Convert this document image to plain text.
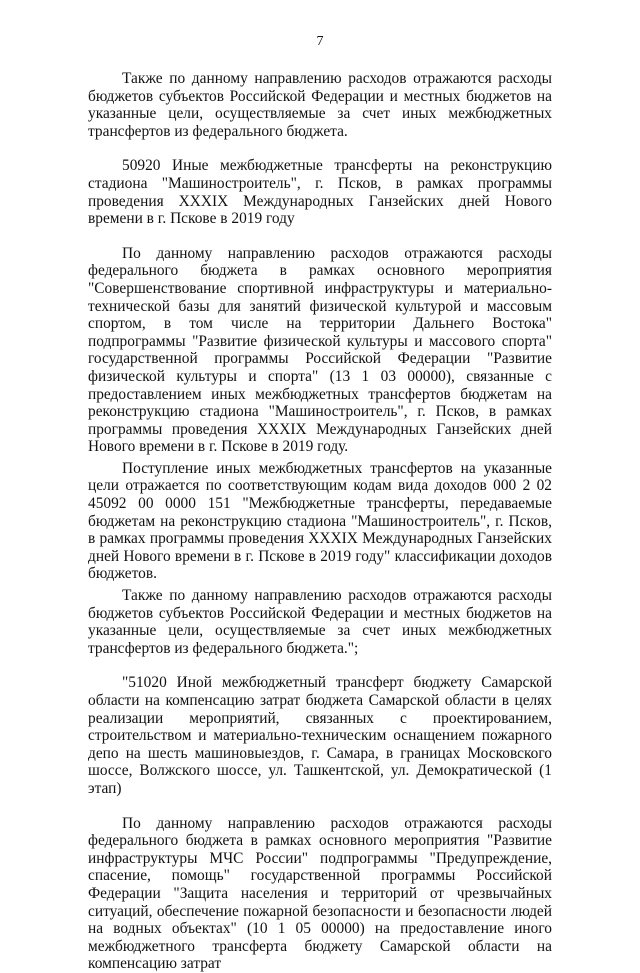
7

Также по данному направлению расходов отражаются расходы бюджетов субъектов Российской Федерации и местных бюджетов на указанные цели, осуществляемые за счет иных межбюджетных трансфертов из федерального бюджета.

50920 Иные межбюджетные трансферты на реконструкцию стадиона "Машиностроитель", г. Псков, в рамках программы проведения XXXIX Международных Ганзейских дней Нового времени в г. Пскове в 2019 году

По данному направлению расходов отражаются расходы федерального бюджета в рамках основного мероприятия "Совершенствование спортивной инфраструктуры и материально-технической базы для занятий физической культурой и массовым спортом, в том числе на территории Дальнего Востока" подпрограммы "Развитие физической культуры и массового спорта" государственной программы Российской Федерации "Развитие физической культуры и спорта" (13 1 03 00000), связанные с предоставлением иных межбюджетных трансфертов бюджетам на реконструкцию стадиона "Машиностроитель", г. Псков, в рамках программы проведения XXXIX Международных Ганзейских дней Нового времени в г. Пскове в 2019 году.

Поступление иных межбюджетных трансфертов на указанные цели отражается по соответствующим кодам вида доходов 000 2 02 45092 00 0000 151 "Межбюджетные трансферты, передаваемые бюджетам на реконструкцию стадиона "Машиностроитель", г. Псков, в рамках программы проведения XXXIX Международных Ганзейских дней Нового времени в г. Пскове в 2019 году" классификации доходов бюджетов.

Также по данному направлению расходов отражаются расходы бюджетов субъектов Российской Федерации и местных бюджетов на указанные цели, осуществляемые за счет иных межбюджетных трансфертов из федерального бюджета.";

"51020 Иной межбюджетный трансферт бюджету Самарской области на компенсацию затрат бюджета Самарской области в целях реализации мероприятий, связанных с проектированием, строительством и материально-техническим оснащением пожарного депо на шесть машиновыездов, г. Самара, в границах Московского шоссе, Волжского шоссе, ул. Ташкентской, ул. Демократической (1 этап)

По данному направлению расходов отражаются расходы федерального бюджета в рамках основного мероприятия "Развитие инфраструктуры МЧС России" подпрограммы "Предупреждение, спасение, помощь" государственной программы Российской Федерации "Защита населения и территорий от чрезвычайных ситуаций, обеспечение пожарной безопасности и безопасности людей на водных объектах" (10 1 05 00000) на предоставление иного межбюджетного трансферта бюджету Самарской области на компенсацию затрат
